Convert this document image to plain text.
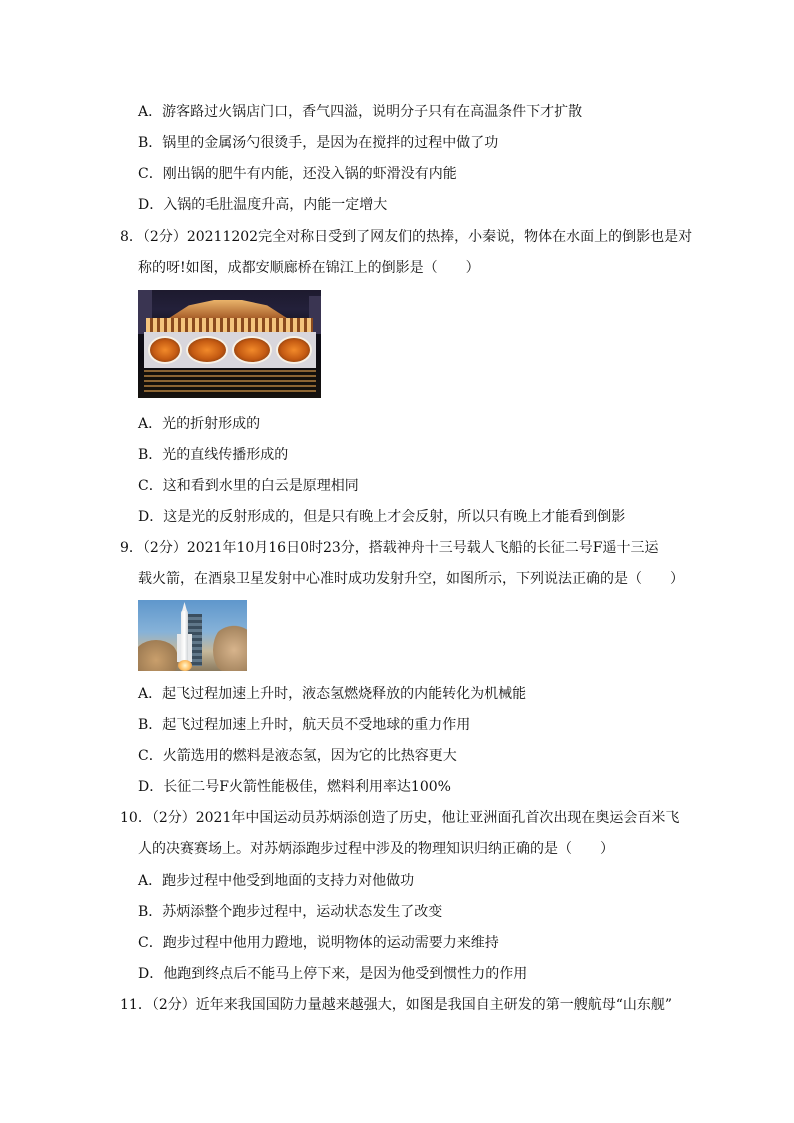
A．游客路过火锅店门口，香气四溢，说明分子只有在高温条件下才扩散
B．锅里的金属汤勺很烫手，是因为在搅拌的过程中做了功
C．刚出锅的肥牛有内能，还没入锅的虾滑没有内能
D．入锅的毛肚温度升高，内能一定增大
8．（2分）20211202完全对称日受到了网友们的热捧，小秦说，物体在水面上的倒影也是对
称的呀!如图，成都安顺廊桥在锦江上的倒影是（　　）
A．光的折射形成的
B．光的直线传播形成的
C．这和看到水里的白云是原理相同
D．这是光的反射形成的，但是只有晚上才会反射，所以只有晚上才能看到倒影
9．（2分）2021年10月16日0时23分，搭载神舟十三号载人飞船的长征二号F遥十三运
载火箭，在酒泉卫星发射中心准时成功发射升空，如图所示，下列说法正确的是（　　）
A．起飞过程加速上升时，液态氢燃烧释放的内能转化为机械能
B．起飞过程加速上升时，航天员不受地球的重力作用
C．火箭选用的燃料是液态氢，因为它的比热容更大
D．长征二号F火箭性能极佳，燃料利用率达100%
10．（2分）2021年中国运动员苏炳添创造了历史，他让亚洲面孔首次出现在奥运会百米飞
人的决赛赛场上。对苏炳添跑步过程中涉及的物理知识归纳正确的是（　　）
A．跑步过程中他受到地面的支持力对他做功
B．苏炳添整个跑步过程中，运动状态发生了改变
C．跑步过程中他用力蹬地，说明物体的运动需要力来维持
D．他跑到终点后不能马上停下来，是因为他受到惯性力的作用
11．（2分）近年来我国国防力量越来越强大，如图是我国自主研发的第一艘航母“山东舰”
